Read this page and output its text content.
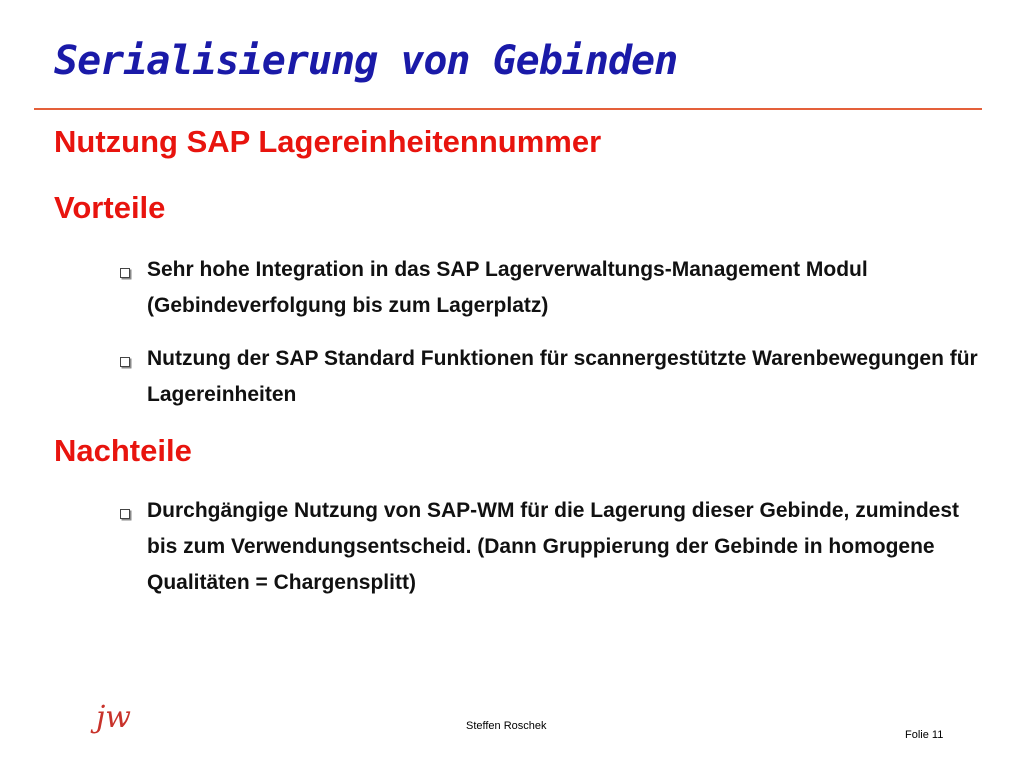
Serialisierung von Gebinden
Nutzung SAP Lagereinheitennummer
Vorteile
Sehr hohe Integration in das SAP Lagerverwaltungs-Management Modul (Gebindeverfolgung bis zum Lagerplatz)
Nutzung der SAP Standard Funktionen für scannergestützte Warenbewegungen für Lagereinheiten
Nachteile
Durchgängige Nutzung von SAP-WM für die Lagerung dieser Gebinde, zumindest bis zum Verwendungsentscheid. (Dann Gruppierung der Gebinde in homogene Qualitäten = Chargensplitt)
jw	Steffen Roschek
Folie 11
